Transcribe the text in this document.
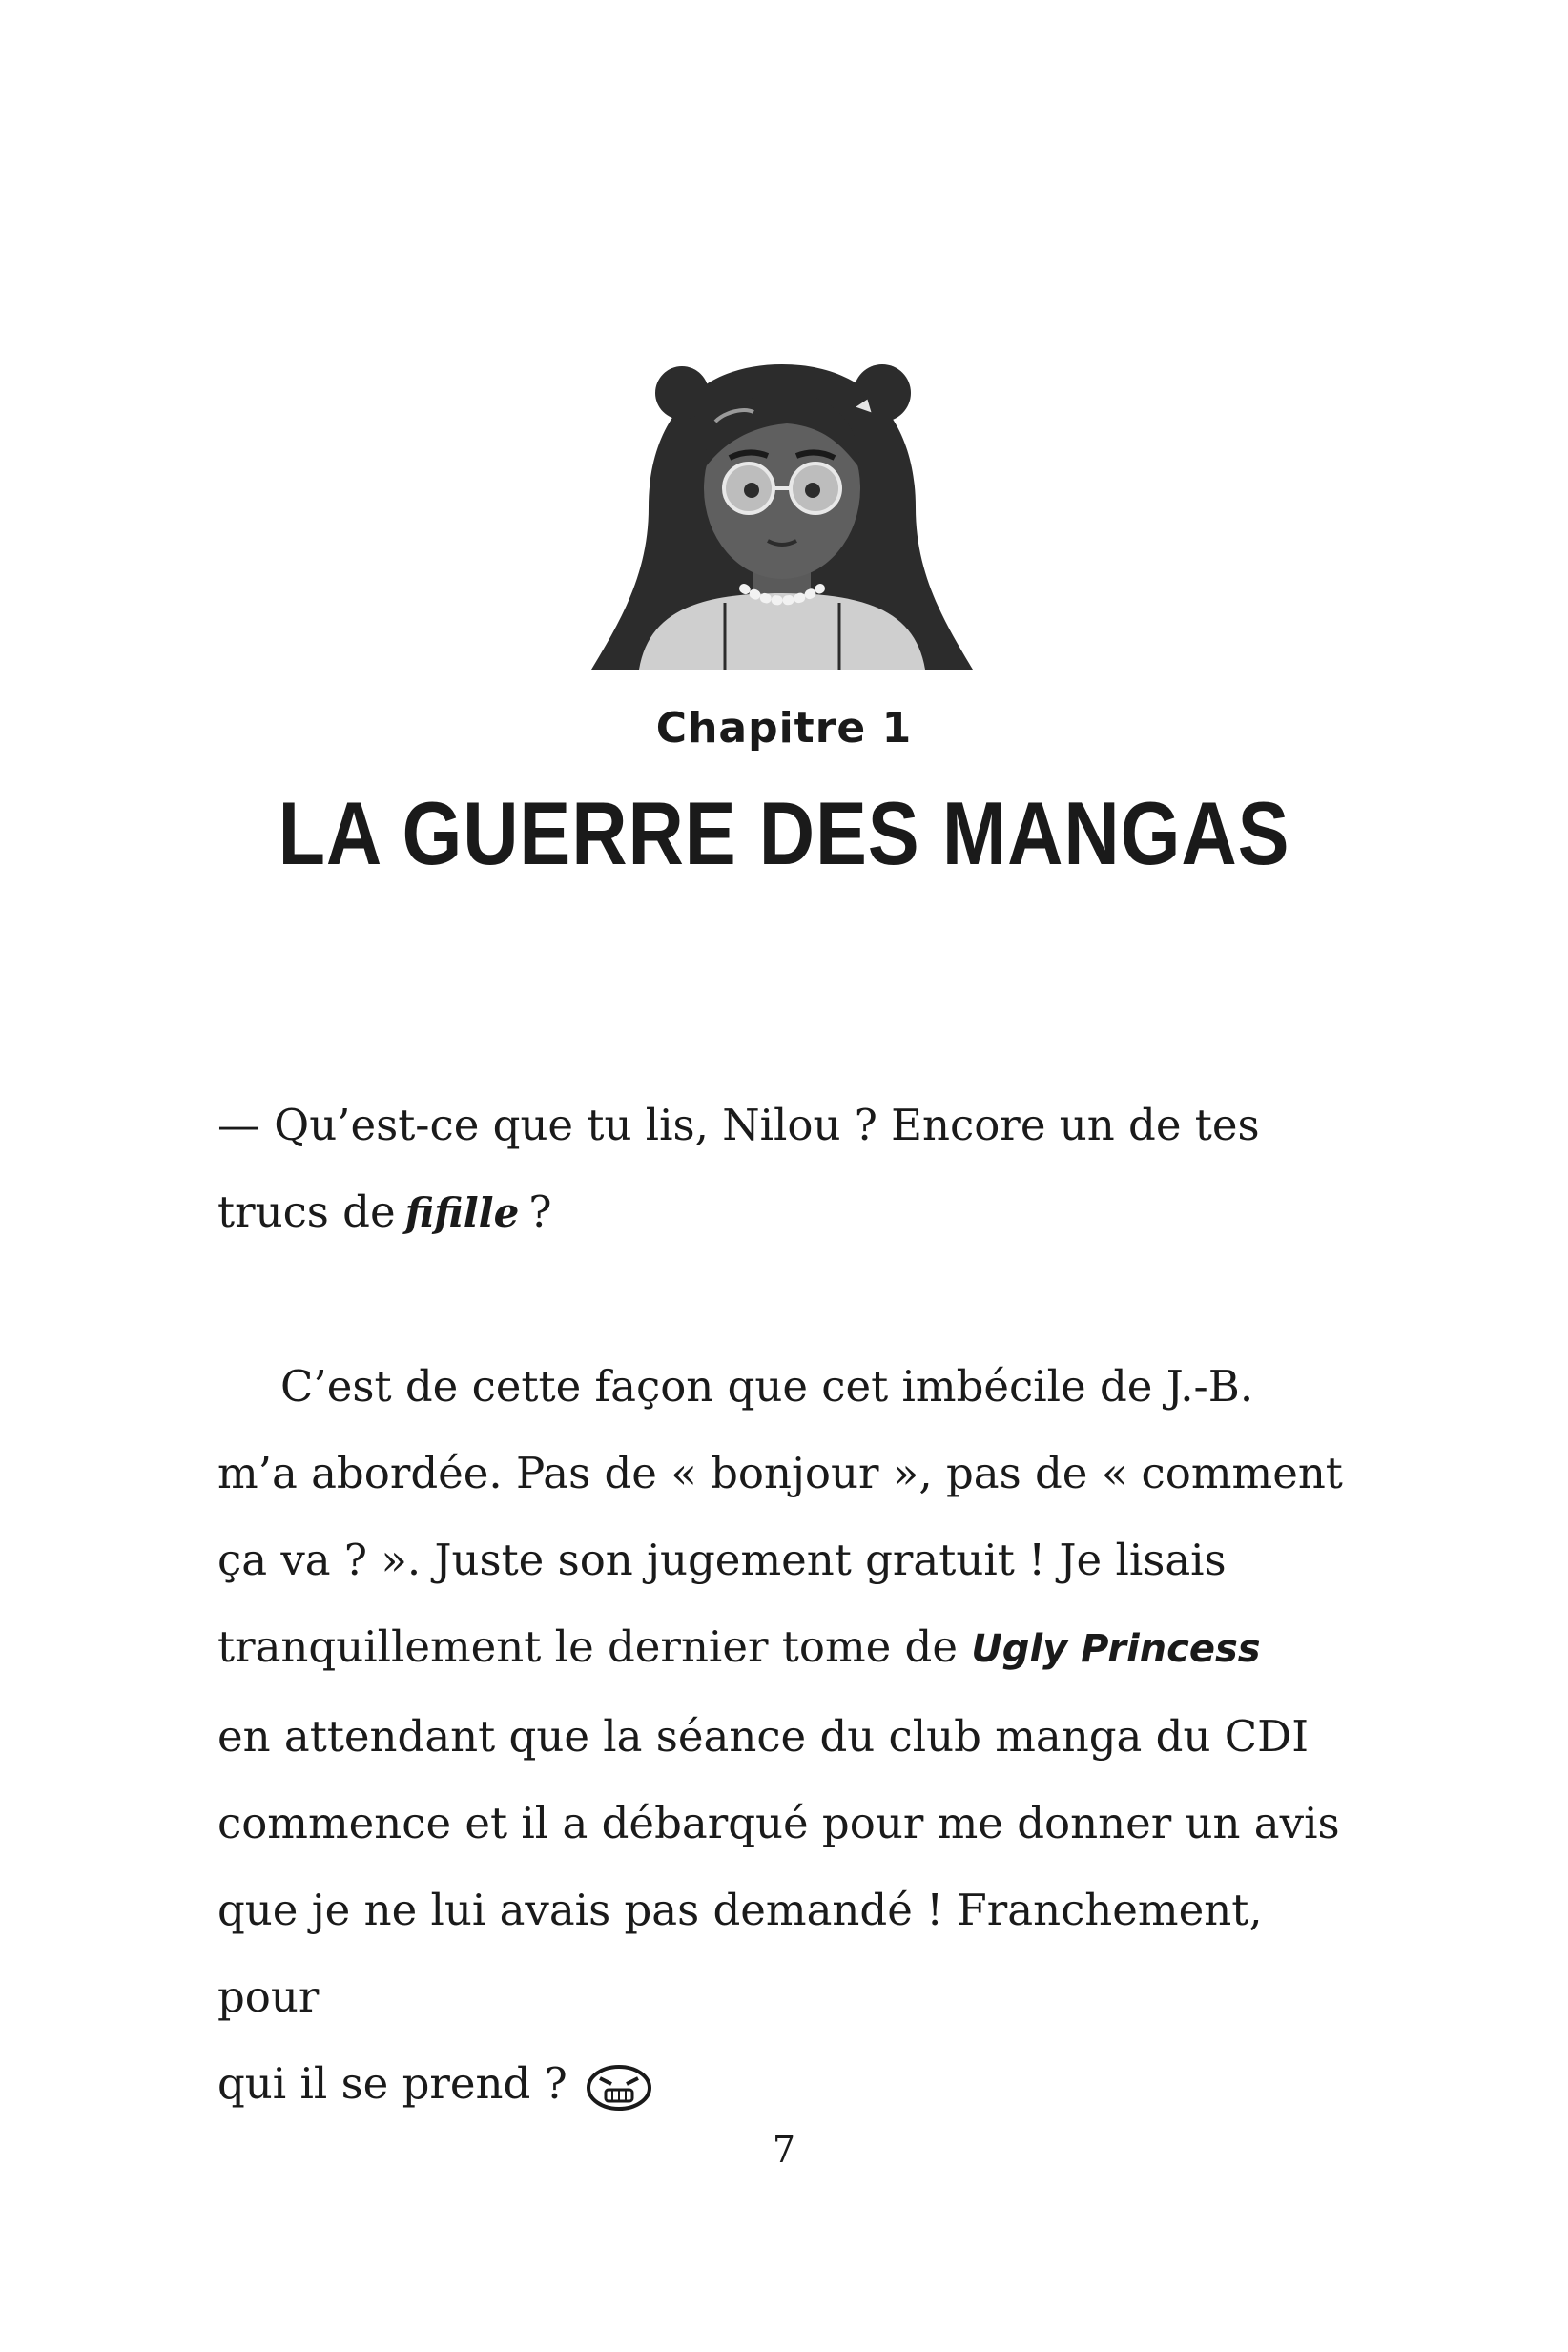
Chapitre 1
LA GUERRE DES MANGAS
— Qu’est-ce que tu lis, Nilou ? Encore un de tes
trucs de fifille ?
C’est de cette façon que cet imbécile de J.-B.
m’a abordée. Pas de « bonjour », pas de « comment
ça va ? ». Juste son jugement gratuit ! Je lisais
tranquillement le dernier tome de Ugly Princess
en attendant que la séance du club manga du CDI
commence et il a débarqué pour me donner un avis
que je ne lui avais pas demandé ! Franchement, pour
qui il se prend ?
7
